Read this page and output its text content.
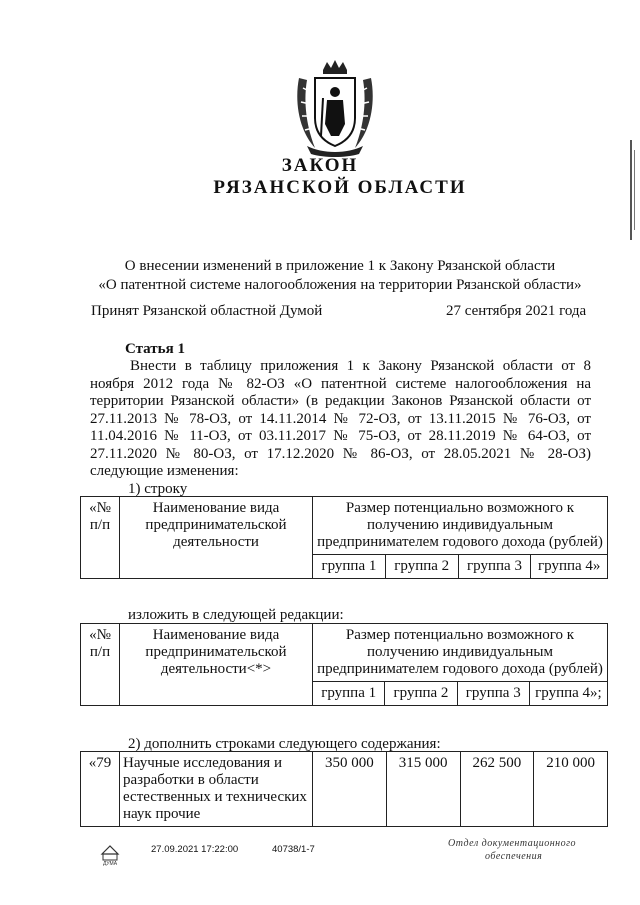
ЗАКОН
РЯЗАНСКОЙ ОБЛАСТИ
О внесении изменений в приложение 1 к Закону Рязанской области
«О патентной системе налогообложения на территории Рязанской области»
Принят Рязанской областной Думой	27 сентября 2021 года
Статья 1
Внести в таблицу приложения 1 к Закону Рязанской области от 8 ноября 2012 года № 82-ОЗ «О патентной системе налогообложения на территории Рязанской области» (в редакции Законов Рязанской области от 27.11.2013 № 78-ОЗ, от 14.11.2014 № 72-ОЗ, от 13.11.2015 № 76-ОЗ, от 11.04.2016 № 11-ОЗ, от 03.11.2017 № 75-ОЗ, от 28.11.2019 № 64-ОЗ, от 27.11.2020 № 80-ОЗ, от 17.12.2020 № 86-ОЗ, от 28.05.2021 № 28-ОЗ) следующие изменения:
1) строку
«№ п/п	Наименование вида предпринимательской деятельности	Размер потенциально возможного к получению индивидуальным предпринимателем годового дохода (рублей)			
		группа 1	группа 2	группа 3	группа 4»
изложить в следующей редакции:
«№ п/п	Наименование вида предпринимательской деятельности<*>	Размер потенциально возможного к получению индивидуальным предпринимателем годового дохода (рублей)			
		группа 1	группа 2	группа 3	группа 4»;
2) дополнить строками следующего содержания:
«79	Научные исследования и разработки в области естественных и технических наук прочие	350 000	315 000	262 500	210 000
ДУМА
27.09.2021 17:22:00	40738/1-7
Отдел документационного
обеспечения
